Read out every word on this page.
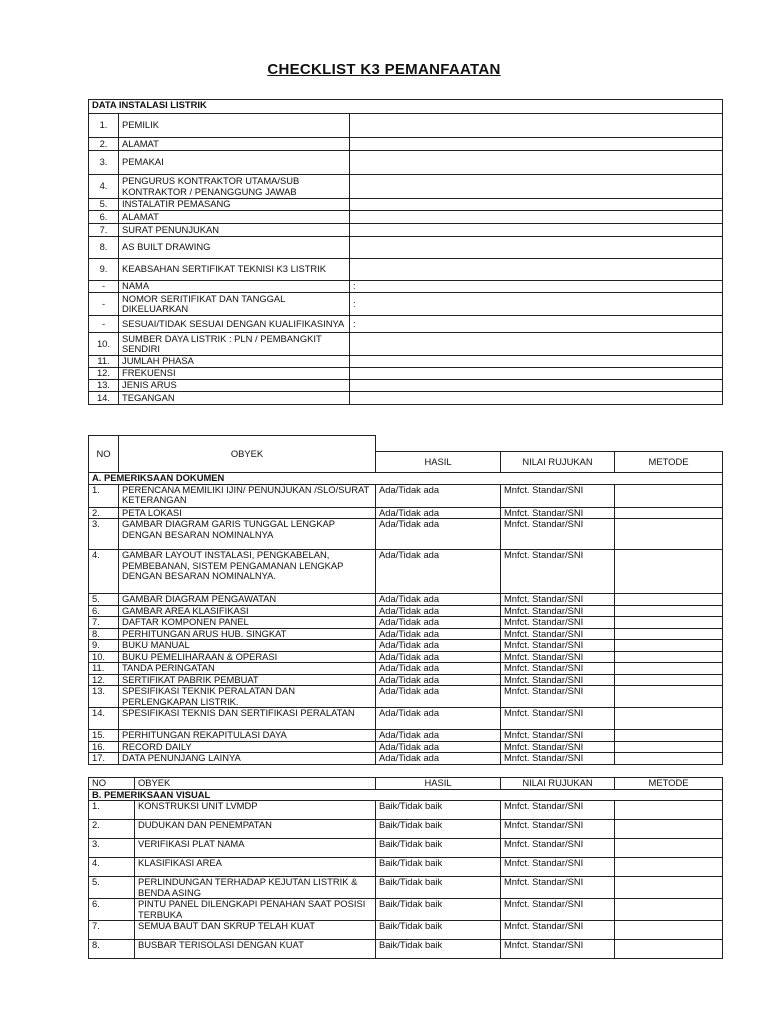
CHECKLIST K3 PEMANFAATAN
DATA INSTALASI LISTRIK		
1.	PEMILIK	
2.	ALAMAT	
3.	PEMAKAI	
4.	PENGURUS KONTRAKTOR UTAMA/SUB KONTRAKTOR / PENANGGUNG JAWAB	
5.	INSTALATIR PEMASANG	
6.	ALAMAT	
7.	SURAT PENUNJUKAN	
8.	AS BUILT DRAWING	
9.	KEABSAHAN SERTIFIKAT TEKNISI K3 LISTRIK	
-	NAMA	:
-	NOMOR SERITIFIKAT DAN TANGGAL DIKELUARKAN	:
-	SESUAI/TIDAK SESUAI DENGAN KUALIFIKASINYA	:
10.	SUMBER DAYA LISTRIK : PLN / PEMBANGKIT SENDIRI	
11.	JUMLAH PHASA	
12.	FREKUENSI	
13.	JENIS ARUS	
14.	TEGANGAN	
NO	OBYEK			
		HASIL	NILAI RUJUKAN	METODE
A. PEMERIKSAAN DOKUMEN				
1.	PERENCANA MEMILIKI IJIN/ PENUNJUKAN /SLO/SURAT KETERANGAN	Ada/Tidak ada	Mnfct. Standar/SNI	
2.	PETA LOKASI	Ada/Tidak ada	Mnfct. Standar/SNI	
3.	GAMBAR DIAGRAM GARIS TUNGGAL LENGKAP DENGAN BESARAN NOMINALNYA	Ada/Tidak ada	Mnfct. Standar/SNI	
4.	GAMBAR LAYOUT INSTALASI, PENGKABELAN, PEMBEBANAN, SISTEM PENGAMANAN LENGKAP DENGAN BESARAN NOMINALNYA.	Ada/Tidak ada	Mnfct. Standar/SNI	
5.	GAMBAR DIAGRAM PENGAWATAN	Ada/Tidak ada	Mnfct. Standar/SNI	
6.	GAMBAR AREA KLASIFIKASI	Ada/Tidak ada	Mnfct. Standar/SNI	
7.	DAFTAR KOMPONEN PANEL	Ada/Tidak ada	Mnfct. Standar/SNI	
8.	PERHITUNGAN ARUS HUB. SINGKAT	Ada/Tidak ada	Mnfct. Standar/SNI	
9.	BUKU MANUAL	Ada/Tidak ada	Mnfct. Standar/SNI	
10.	BUKU PEMELIHARAAN & OPERASI	Ada/Tidak ada	Mnfct. Standar/SNI	
11.	TANDA PERINGATAN	Ada/Tidak ada	Mnfct. Standar/SNI	
12.	SERTIFIKAT PABRIK PEMBUAT	Ada/Tidak ada	Mnfct. Standar/SNI	
13.	SPESIFIKASI TEKNIK PERALATAN DAN PERLENGKAPAN LISTRIK.	Ada/Tidak ada	Mnfct. Standar/SNI	
14.	SPESIFIKASI TEKNIS DAN SERTIFIKASI PERALATAN	Ada/Tidak ada	Mnfct. Standar/SNI	
15.	PERHITUNGAN REKAPITULASI DAYA	Ada/Tidak ada	Mnfct. Standar/SNI	
16.	RECORD DAILY	Ada/Tidak ada	Mnfct. Standar/SNI	
17.	DATA PENUNJANG LAINYA	Ada/Tidak ada	Mnfct. Standar/SNI	
NO	OBYEK	HASIL	NILAI RUJUKAN	METODE
B. PEMERIKSAAN VISUAL				
1.	KONSTRUKSI UNIT LVMDP	Baik/Tidak baik	Mnfct. Standar/SNI	
2.	DUDUKAN DAN PENEMPATAN	Baik/Tidak baik	Mnfct. Standar/SNI	
3.	VERIFIKASI PLAT NAMA	Baik/Tidak baik	Mnfct. Standar/SNI	
4.	KLASIFIKASI AREA	Baik/Tidak baik	Mnfct. Standar/SNI	
5.	PERLINDUNGAN TERHADAP KEJUTAN LISTRIK & BENDA ASING	Baik/Tidak baik	Mnfct. Standar/SNI	
6.	PINTU PANEL DILENGKAPI PENAHAN SAAT POSISI TERBUKA	Baik/Tidak baik	Mnfct. Standar/SNI	
7.	SEMUA BAUT DAN SKRUP TELAH KUAT	Baik/Tidak baik	Mnfct. Standar/SNI	
8.	BUSBAR TERISOLASI DENGAN KUAT	Baik/Tidak baik	Mnfct. Standar/SNI	
